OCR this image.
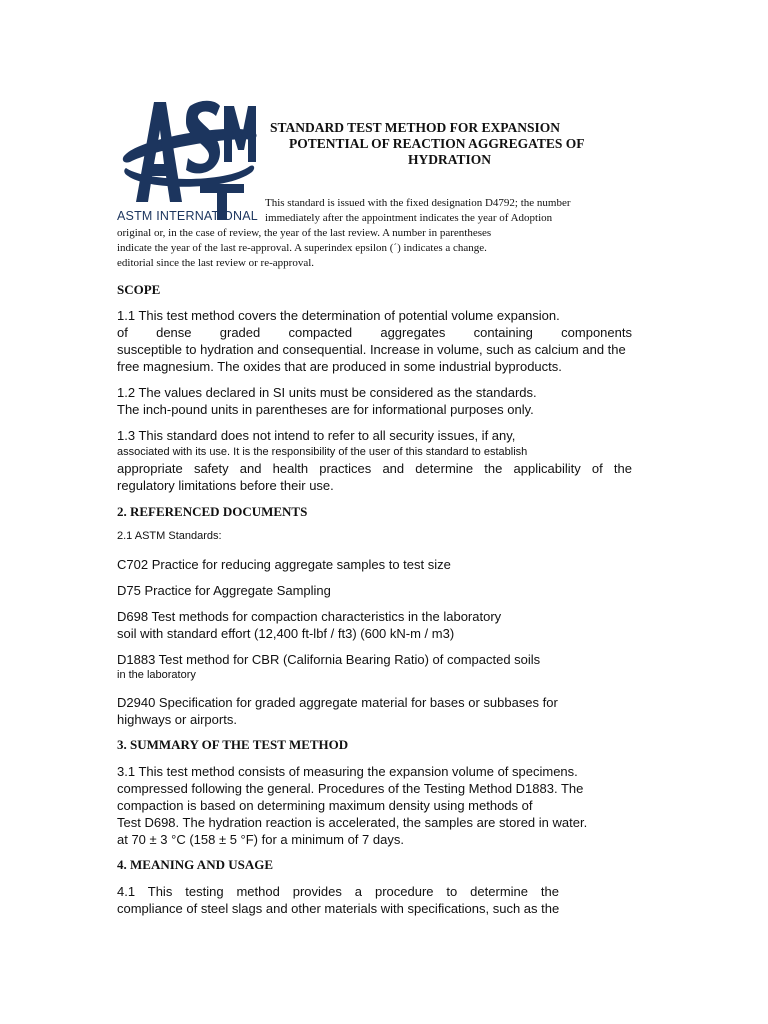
ASTM INTERNATIONAL
STANDARD TEST METHOD FOR EXPANSION
POTENTIAL OF REACTION AGGREGATES OF
HYDRATION
This standard is issued with the fixed designation D4792; the number
immediately after the appointment indicates the year of Adoption
original or, in the case of review, the year of the last review. A number in parentheses
indicate the year of the last re-approval. A superindex epsilon (´) indicates a change.
editorial since the last review or re-approval.
SCOPE
1.1 This test method covers the determination of potential volume expansion.
of dense graded compacted aggregates containing components
susceptible to hydration and consequential. Increase in volume, such as calcium and the
free magnesium. The oxides that are produced in some industrial byproducts.
1.2 The values declared in SI units must be considered as the standards.
The inch-pound units in parentheses are for informational purposes only.
1.3 This standard does not intend to refer to all security issues, if any,
associated with its use. It is the responsibility of the user of this standard to establish
appropriate safety and health practices and determine the applicability of the
regulatory limitations before their use.
2. REFERENCED DOCUMENTS
2.1 ASTM Standards:
C702 Practice for reducing aggregate samples to test size
D75 Practice for Aggregate Sampling
D698 Test methods for compaction characteristics in the laboratory
soil with standard effort (12,400 ft-lbf / ft3) (600 kN-m / m3)
D1883 Test method for CBR (California Bearing Ratio) of compacted soils
in the laboratory
D2940 Specification for graded aggregate material for bases or subbases for
highways or airports.
3. SUMMARY OF THE TEST METHOD
3.1 This test method consists of measuring the expansion volume of specimens.
compressed following the general. Procedures of the Testing Method D1883. The
compaction is based on determining maximum density using methods of
Test D698. The hydration reaction is accelerated, the samples are stored in water.
at 70 ± 3 °C (158 ± 5 °F) for a minimum of 7 days.
4. MEANING AND USAGE
4.1 This testing method provides a procedure to determine the
compliance of steel slags and other materials with specifications, such as the
